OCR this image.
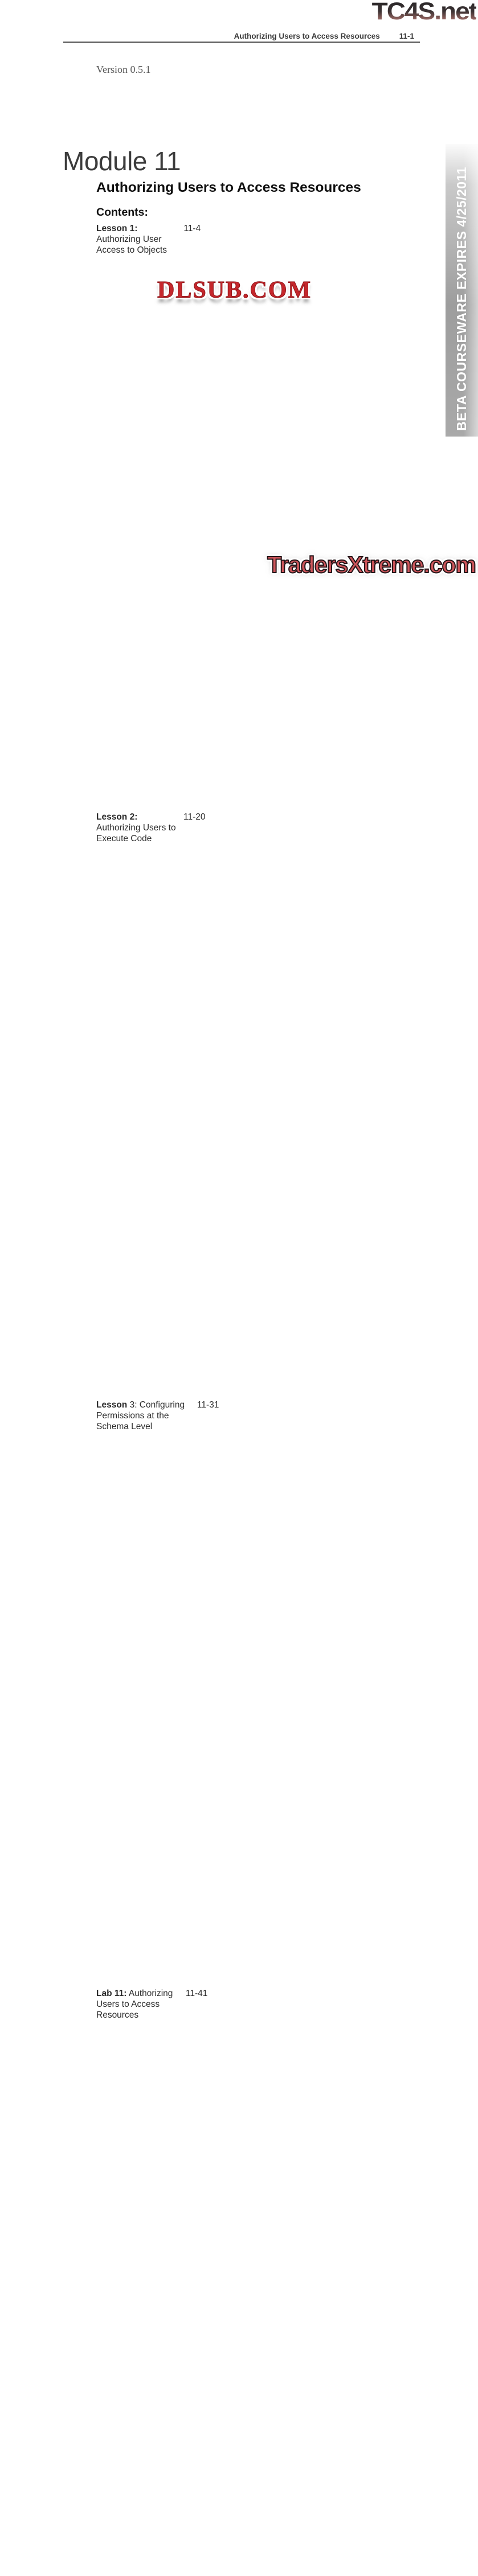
TC4S.net
Authorizing Users to Access Resources	11-1
Version 0.5.1
Module 11
Authorizing Users to Access Resources
Contents:
Lesson 1: Authorizing User Access to Objects
11-4
Lesson 2: Authorizing Users to Execute Code
11-20
Lesson 3: Configuring Permissions at the Schema Level
11-31
Lab 11: Authorizing Users to Access Resources
11-41
DLSUB.COM	BETA COURSEWARE EXPIRES 4/25/2011
TradersXtreme.com
